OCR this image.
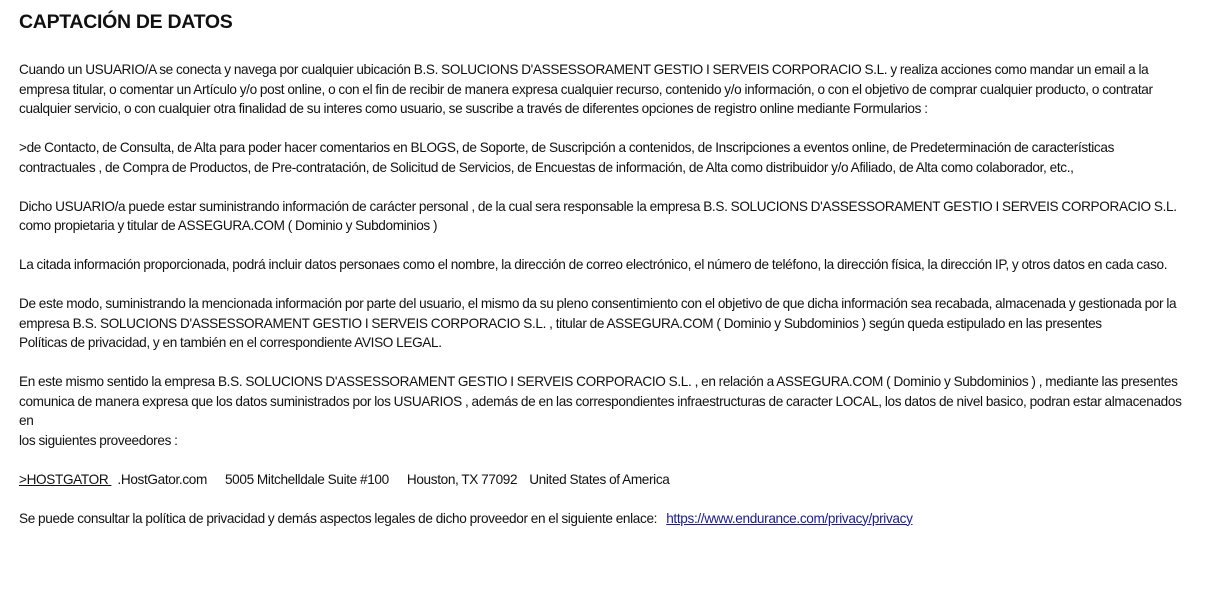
CAPTACIÓN DE DATOS

Cuando un USUARIO/A se conecta y navega por cualquier ubicación B.S. SOLUCIONS D'ASSESSORAMENT GESTIO I SERVEIS CORPORACIO S.L. y realiza acciones como mandar un email a la empresa titular, o comentar un Artículo y/o post online, o con el fin de recibir de manera expresa cualquier recurso, contenido y/o información, o con el objetivo de comprar cualquier producto, o contratar cualquier servicio, o con cualquier otra finalidad de su interes como usuario, se suscribe a través de diferentes opciones de registro online mediante Formularios :

>de Contacto, de Consulta, de Alta para poder hacer comentarios en BLOGS, de Soporte, de Suscripción a contenidos, de Inscripciones a eventos online, de Predeterminación de características contractuales , de Compra de Productos, de Pre-contratación, de Solicitud de Servicios, de Encuestas de información, de Alta como distribuidor y/o Afiliado, de Alta como colaborador, etc.,

Dicho USUARIO/a puede estar suministrando información de carácter personal , de la cual sera responsable la empresa B.S. SOLUCIONS D'ASSESSORAMENT GESTIO I SERVEIS CORPORACIO S.L. como propietaria y titular de ASSEGURA.COM ( Dominio y Subdominios )

La citada información proporcionada, podrá incluir datos personaes como el nombre, la dirección de correo electrónico, el número de teléfono, la dirección física, la dirección IP, y otros datos en cada caso.

De este modo, suministrando la mencionada información por parte del usuario, el mismo da su pleno consentimiento con el objetivo de que dicha información sea recabada, almacenada y gestionada por la empresa B.S. SOLUCIONS D'ASSESSORAMENT GESTIO I SERVEIS CORPORACIO S.L. , titular de ASSEGURA.COM ( Dominio y Subdominios ) según queda estipulado en las presentes
Políticas de privacidad, y en también en el correspondiente AVISO LEGAL.

En este mismo sentido la empresa B.S. SOLUCIONS D'ASSESSORAMENT GESTIO I SERVEIS CORPORACIO S.L. , en relación a ASSEGURA.COM ( Dominio y Subdominios ) , mediante las presentes comunica de manera expresa que los datos suministrados por los USUARIOS , además de en las correspondientes infraestructuras de caracter LOCAL, los datos de nivel basico, podran estar almacenados en
los siguientes proveedores :

>HOSTGATOR .HostGator.com 5005 Mitchelldale Suite #100 Houston, TX 77092 United States of America

Se puede consultar la política de privacidad y demás aspectos legales de dicho proveedor en el siguiente enlace: https://www.endurance.com/privacy/privacy
